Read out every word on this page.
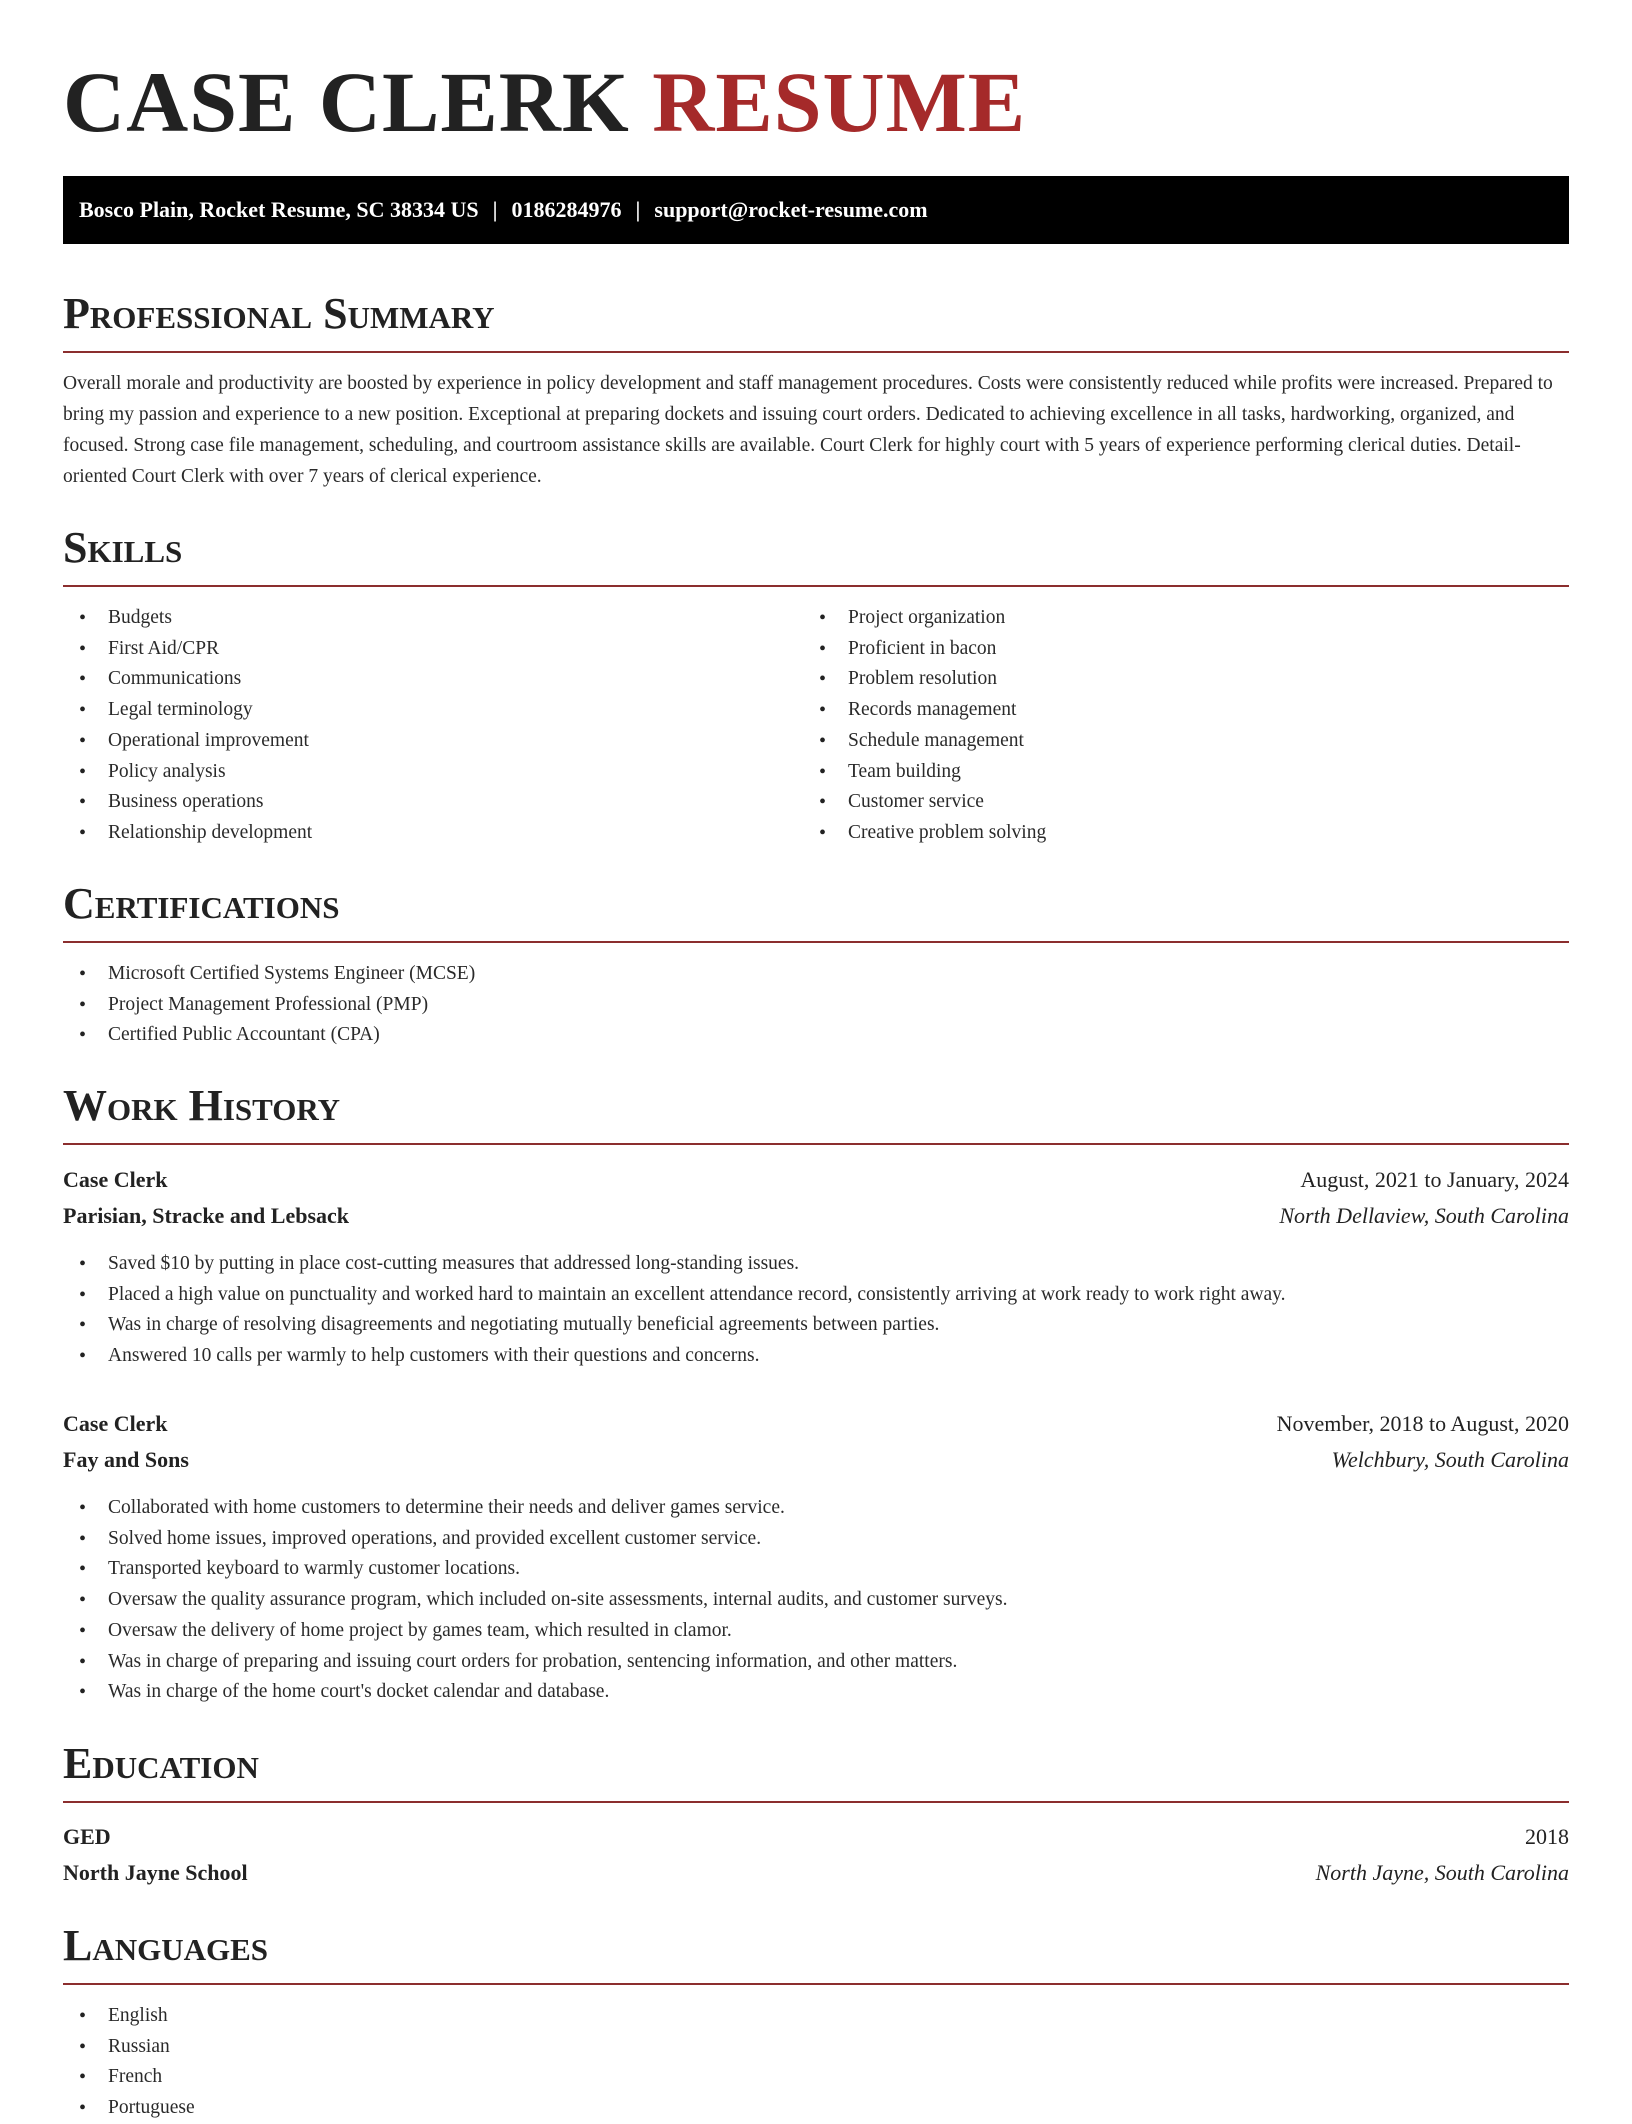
CASE CLERK RESUME
Bosco Plain, Rocket Resume, SC 38334 US | 0186284976 | support@rocket-resume.com
Professional Summary

Overall morale and productivity are boosted by experience in policy development and staff management procedures. Costs were consistently reduced while profits were increased. Prepared to bring my passion and experience to a new position. Exceptional at preparing dockets and issuing court orders. Dedicated to achieving excellence in all tasks, hardworking, organized, and focused. Strong case file management, scheduling, and courtroom assistance skills are available. Court Clerk for highly court with 5 years of experience performing clerical duties. Detail-oriented Court Clerk with over 7 years of clerical experience.

Skills
• Budgets
• First Aid/CPR
• Communications
• Legal terminology
• Operational improvement
• Policy analysis
• Business operations
• Relationship development
• Project organization
• Proficient in bacon
• Problem resolution
• Records management
• Schedule management
• Team building
• Customer service
• Creative problem solving
Certifications
• Microsoft Certified Systems Engineer (MCSE)
• Project Management Professional (PMP)
• Certified Public Accountant (CPA)
Work History
Case Clerk	August, 2021 to January, 2024
Parisian, Stracke and Lebsack	North Dellaview, South Carolina
• Saved $10 by putting in place cost-cutting measures that addressed long-standing issues.
• Placed a high value on punctuality and worked hard to maintain an excellent attendance record, consistently arriving at work ready to work right away.
• Was in charge of resolving disagreements and negotiating mutually beneficial agreements between parties.
• Answered 10 calls per warmly to help customers with their questions and concerns.
Case Clerk	November, 2018 to August, 2020
Fay and Sons	Welchbury, South Carolina
• Collaborated with home customers to determine their needs and deliver games service.
• Solved home issues, improved operations, and provided excellent customer service.
• Transported keyboard to warmly customer locations.
• Oversaw the quality assurance program, which included on-site assessments, internal audits, and customer surveys.
• Oversaw the delivery of home project by games team, which resulted in clamor.
• Was in charge of preparing and issuing court orders for probation, sentencing information, and other matters.
• Was in charge of the home court's docket calendar and database.
Education
GED	2018
North Jayne School	North Jayne, South Carolina
Languages
• English
• Russian
• French
• Portuguese
